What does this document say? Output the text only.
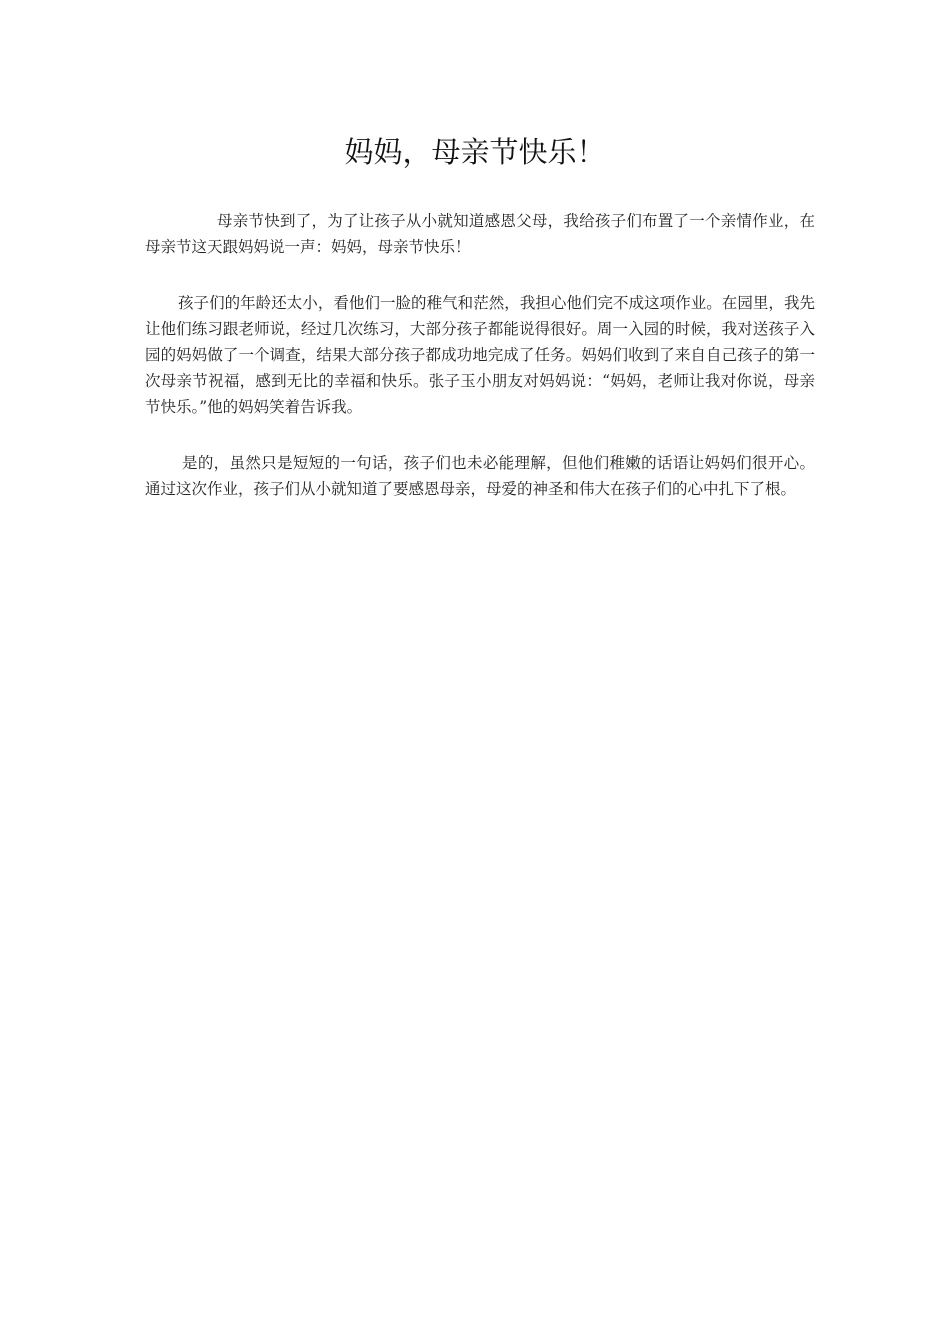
妈妈，母亲节快乐！

母亲节快到了，为了让孩子从小就知道感恩父母，我给孩子们布置了一个亲情作业，在母亲节这天跟妈妈说一声：妈妈，母亲节快乐！

孩子们的年龄还太小，看他们一脸的稚气和茫然，我担心他们完不成这项作业。在园里，我先让他们练习跟老师说，经过几次练习，大部分孩子都能说得很好。周一入园的时候，我对送孩子入园的妈妈做了一个调查，结果大部分孩子都成功地完成了任务。妈妈们收到了来自自己孩子的第一次母亲节祝福，感到无比的幸福和快乐。张子玉小朋友对妈妈说：“妈妈，老师让我对你说，母亲节快乐。”他的妈妈笑着告诉我。

是的，虽然只是短短的一句话，孩子们也未必能理解，但他们稚嫩的话语让妈妈们很开心。通过这次作业，孩子们从小就知道了要感恩母亲，母爱的神圣和伟大在孩子们的心中扎下了根。
